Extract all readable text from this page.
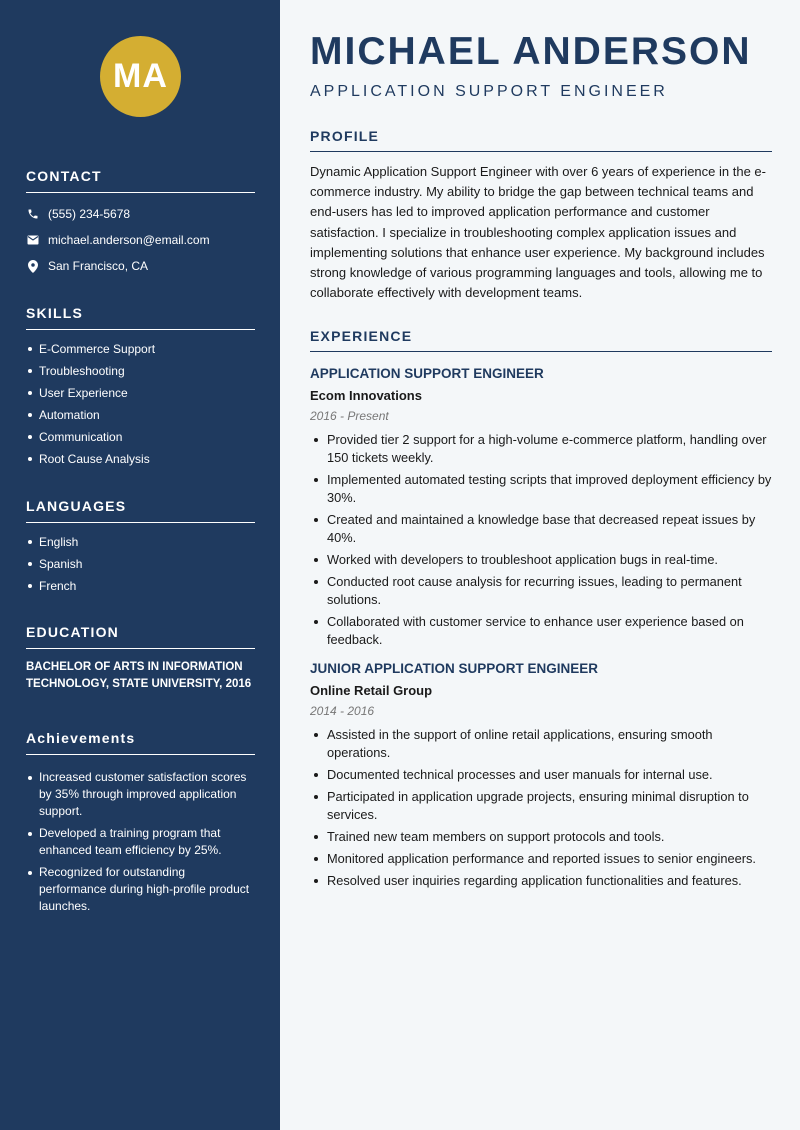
MA
CONTACT
(555) 234-5678
michael.anderson@email.com
San Francisco, CA
SKILLS
E-Commerce Support
Troubleshooting
User Experience
Automation
Communication
Root Cause Analysis
LANGUAGES
English
Spanish
French
EDUCATION

BACHELOR OF ARTS IN INFORMATION TECHNOLOGY, STATE UNIVERSITY, 2016

Achievements
Increased customer satisfaction scores by 35% through improved application support.
Developed a training program that enhanced team efficiency by 25%.
Recognized for outstanding performance during high-profile product launches.
MICHAEL ANDERSON
APPLICATION SUPPORT ENGINEER
PROFILE

Dynamic Application Support Engineer with over 6 years of experience in the e-commerce industry. My ability to bridge the gap between technical teams and end-users has led to improved application performance and customer satisfaction. I specialize in troubleshooting complex application issues and implementing solutions that enhance user experience. My background includes strong knowledge of various programming languages and tools, allowing me to collaborate effectively with development teams.

EXPERIENCE
APPLICATION SUPPORT ENGINEER
Ecom Innovations
2016 - Present
Provided tier 2 support for a high-volume e-commerce platform, handling over 150 tickets weekly.
Implemented automated testing scripts that improved deployment efficiency by 30%.
Created and maintained a knowledge base that decreased repeat issues by 40%.
Worked with developers to troubleshoot application bugs in real-time.
Conducted root cause analysis for recurring issues, leading to permanent solutions.
Collaborated with customer service to enhance user experience based on feedback.
JUNIOR APPLICATION SUPPORT ENGINEER
Online Retail Group
2014 - 2016
Assisted in the support of online retail applications, ensuring smooth operations.
Documented technical processes and user manuals for internal use.
Participated in application upgrade projects, ensuring minimal disruption to services.
Trained new team members on support protocols and tools.
Monitored application performance and reported issues to senior engineers.
Resolved user inquiries regarding application functionalities and features.
